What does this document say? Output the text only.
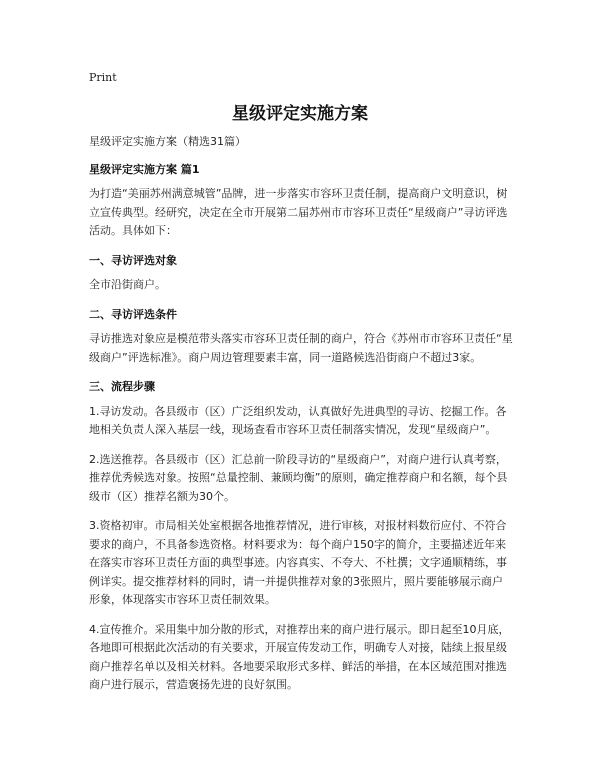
Print
星级评定实施方案

星级评定实施方案（精选31篇）

星级评定实施方案 篇1

为打造“美丽苏州满意城管”品牌，进一步落实市容环卫责任制，提高商户文明意识，树立宣传典型。经研究，决定在全市开展第二届苏州市市容环卫责任“星级商户”寻访评选活动。具体如下：

一、寻访评选对象

全市沿街商户。

二、寻访评选条件

寻访推选对象应是模范带头落实市容环卫责任制的商户，符合《苏州市市容环卫责任“星级商户”评选标准》。商户周边管理要素丰富，同一道路候选沿街商户不超过3家。

三、流程步骤

1.寻访发动。各县级市（区）广泛组织发动，认真做好先进典型的寻访、挖掘工作。各地相关负责人深入基层一线，现场查看市容环卫责任制落实情况，发现“星级商户”。

2.选送推荐。各县级市（区）汇总前一阶段寻访的“星级商户”，对商户进行认真考察，推荐优秀候选对象。按照“总量控制、兼顾均衡”的原则，确定推荐商户和名额，每个县级市（区）推荐名额为30个。

3.资格初审。市局相关处室根据各地推荐情况，进行审核，对报材料数衍应付、不符合要求的商户，不具备参选资格。材料要求为：每个商户150字的简介，主要描述近年来在落实市容环卫责任方面的典型事迹。内容真实、不夸大、不杜撰；文字通顺精练，事例详实。提交推荐材料的同时，请一并提供推荐对象的3张照片，照片要能够展示商户形象，体现落实市容环卫责任制效果。

4.宣传推介。采用集中加分散的形式，对推荐出来的商户进行展示。即日起至10月底，各地即可根据此次活动的有关要求，开展宣传发动工作，明确专人对接，陆续上报星级商户推荐名单以及相关材料。各地要采取形式多样、鲜活的举措，在本区域范围对推选商户进行展示，营造褒扬先进的良好氛围。
